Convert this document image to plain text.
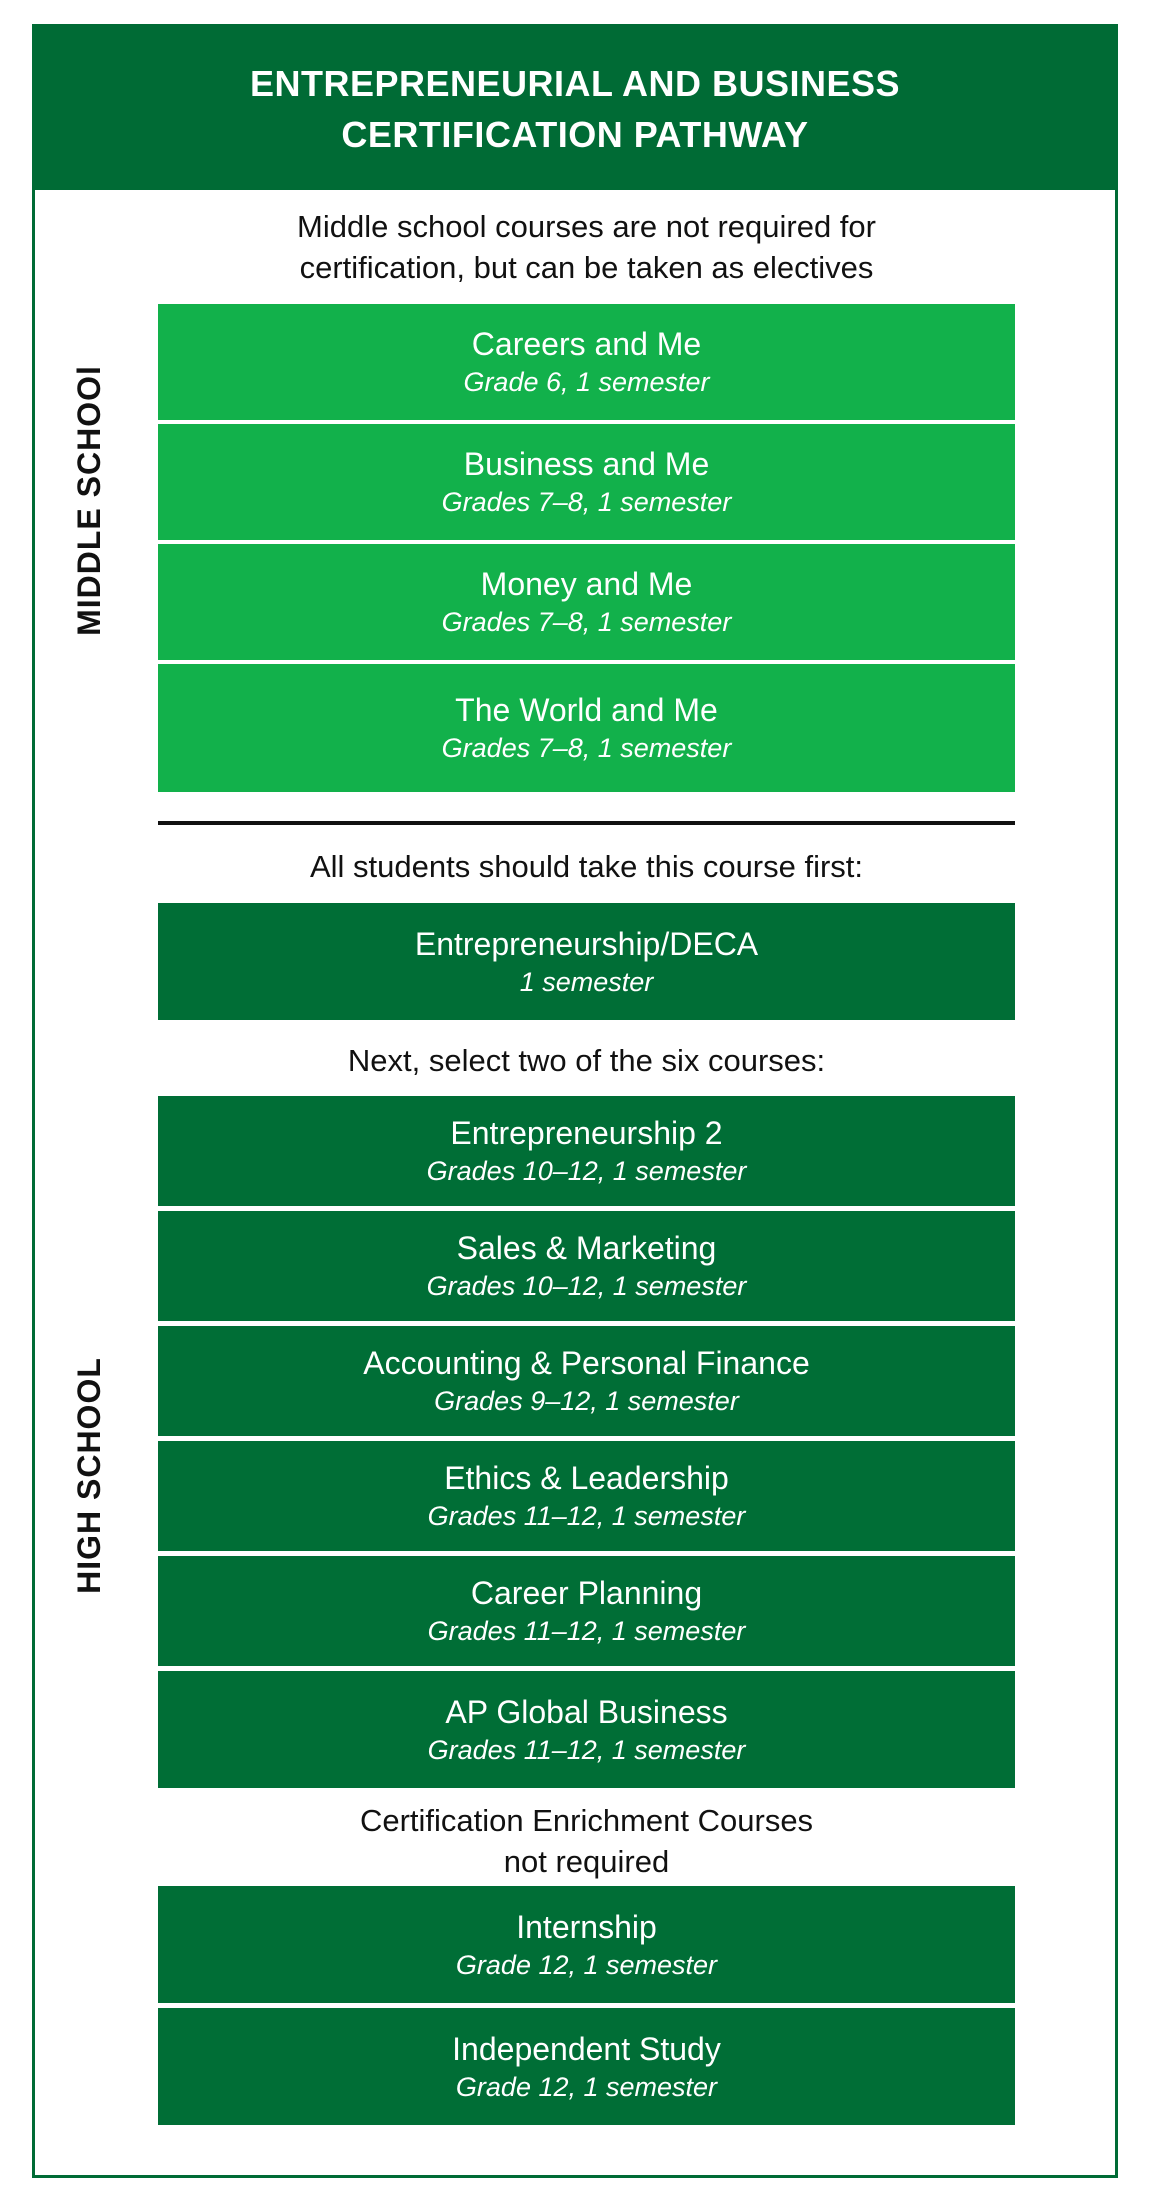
ENTREPRENEURIAL AND BUSINESS
CERTIFICATION PATHWAY
MIDDLE SCHOOl
Middle school courses are not required for
certification, but can be taken as electives
Careers and Me
Grade 6, 1 semester
Business and Me
Grades 7–8, 1 semester
Money and Me
Grades 7–8, 1 semester
The World and Me
Grades 7–8, 1 semester
HIGH SCHOOL
All students should take this course first:
Entrepreneurship/DECA
1 semester
Next, select two of the six courses:
Entrepreneurship 2
Grades 10–12, 1 semester
Sales & Marketing
Grades 10–12, 1 semester
Accounting & Personal Finance
Grades 9–12, 1 semester
Ethics & Leadership
Grades 11–12, 1 semester
Career Planning
Grades 11–12, 1 semester
AP Global Business
Grades 11–12, 1 semester
Certification Enrichment Courses
not required
Internship
Grade 12, 1 semester
Independent Study
Grade 12, 1 semester
